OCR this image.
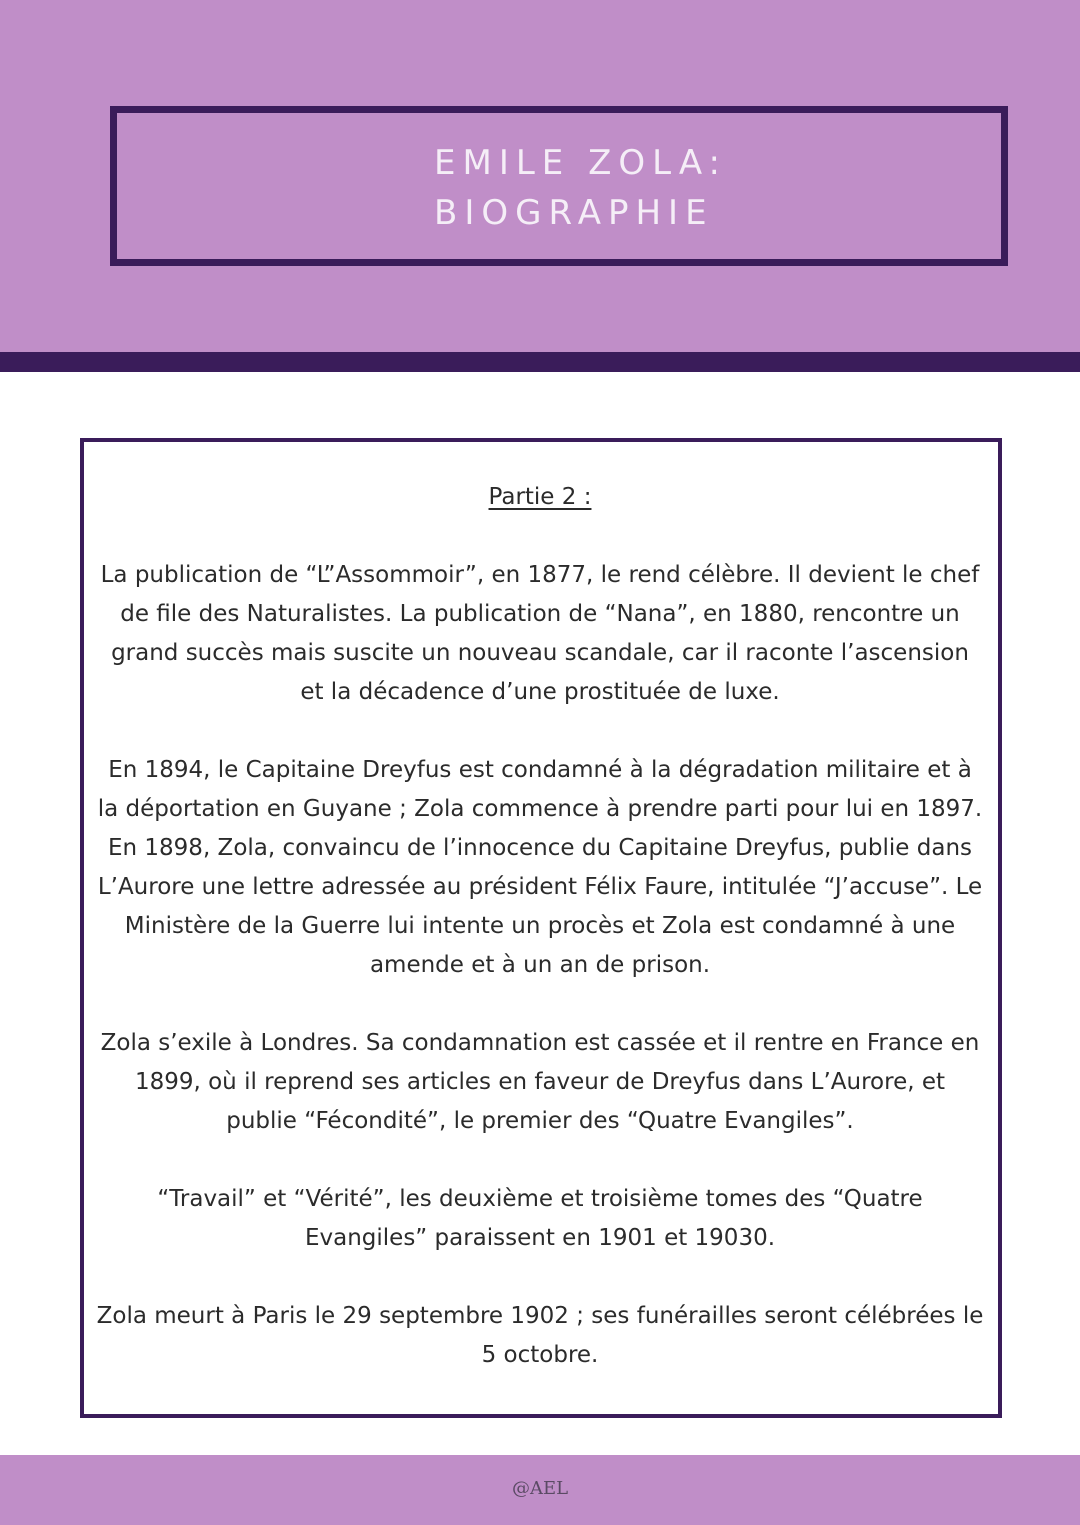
EMILE ZOLA:
BIOGRAPHIE
Partie 2 :

La publication de “L”Assommoir”, en 1877, le rend célèbre. Il devient le chef de file des Naturalistes. La publication de “Nana”, en 1880, rencontre un grand succès mais suscite un nouveau scandale, car il raconte l’ascension et la décadence d’une prostituée de luxe.

En 1894, le Capitaine Dreyfus est condamné à la dégradation militaire et à la déportation en Guyane ; Zola commence à prendre parti pour lui en 1897. En 1898, Zola, convaincu de l’innocence du Capitaine Dreyfus, publie dans L’Aurore une lettre adressée au président Félix Faure, intitulée “J’accuse”. Le Ministère de la Guerre lui intente un procès et Zola est condamné à une amende et à un an de prison.

Zola s’exile à Londres. Sa condamnation est cassée et il rentre en France en 1899, où il reprend ses articles en faveur de Dreyfus dans L’Aurore, et publie “Fécondité”, le premier des “Quatre Evangiles”.

“Travail” et “Vérité”, les deuxième et troisième tomes des “Quatre Evangiles” paraissent en 1901 et 19030.

Zola meurt à Paris le 29 septembre 1902 ; ses funérailles seront célébrées le 5 octobre.

@AEL
